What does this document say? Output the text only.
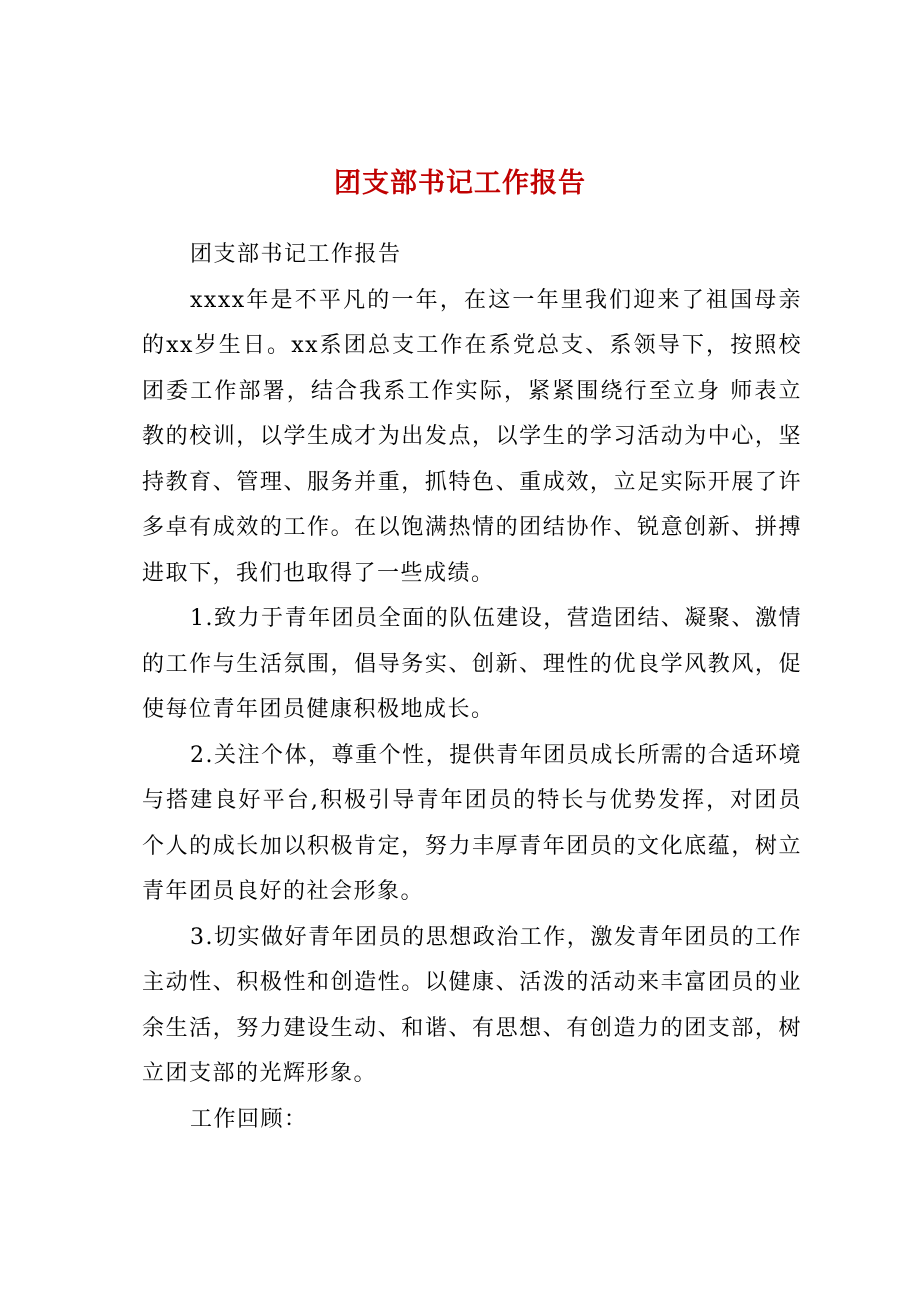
团支部书记工作报告

团支部书记工作报告

xxxx年是不平凡的一年，在这一年里我们迎来了祖国母亲的xx岁生日。xx系团总支工作在系党总支、系领导下，按照校团委工作部署，结合我系工作实际，紧紧围绕行至立身 师表立教的校训，以学生成才为出发点，以学生的学习活动为中心，坚持教育、管理、服务并重，抓特色、重成效，立足实际开展了许多卓有成效的工作。在以饱满热情的团结协作、锐意创新、拼搏进取下，我们也取得了一些成绩。

1.致力于青年团员全面的队伍建设，营造团结、凝聚、激情的工作与生活氛围，倡导务实、创新、理性的优良学风教风，促使每位青年团员健康积极地成长。

2.关注个体，尊重个性，提供青年团员成长所需的合适环境与搭建良好平台,积极引导青年团员的特长与优势发挥，对团员个人的成长加以积极肯定，努力丰厚青年团员的文化底蕴，树立青年团员良好的社会形象。

3.切实做好青年团员的思想政治工作，激发青年团员的工作主动性、积极性和创造性。以健康、活泼的活动来丰富团员的业余生活，努力建设生动、和谐、有思想、有创造力的团支部，树立团支部的光辉形象。

工作回顾：
